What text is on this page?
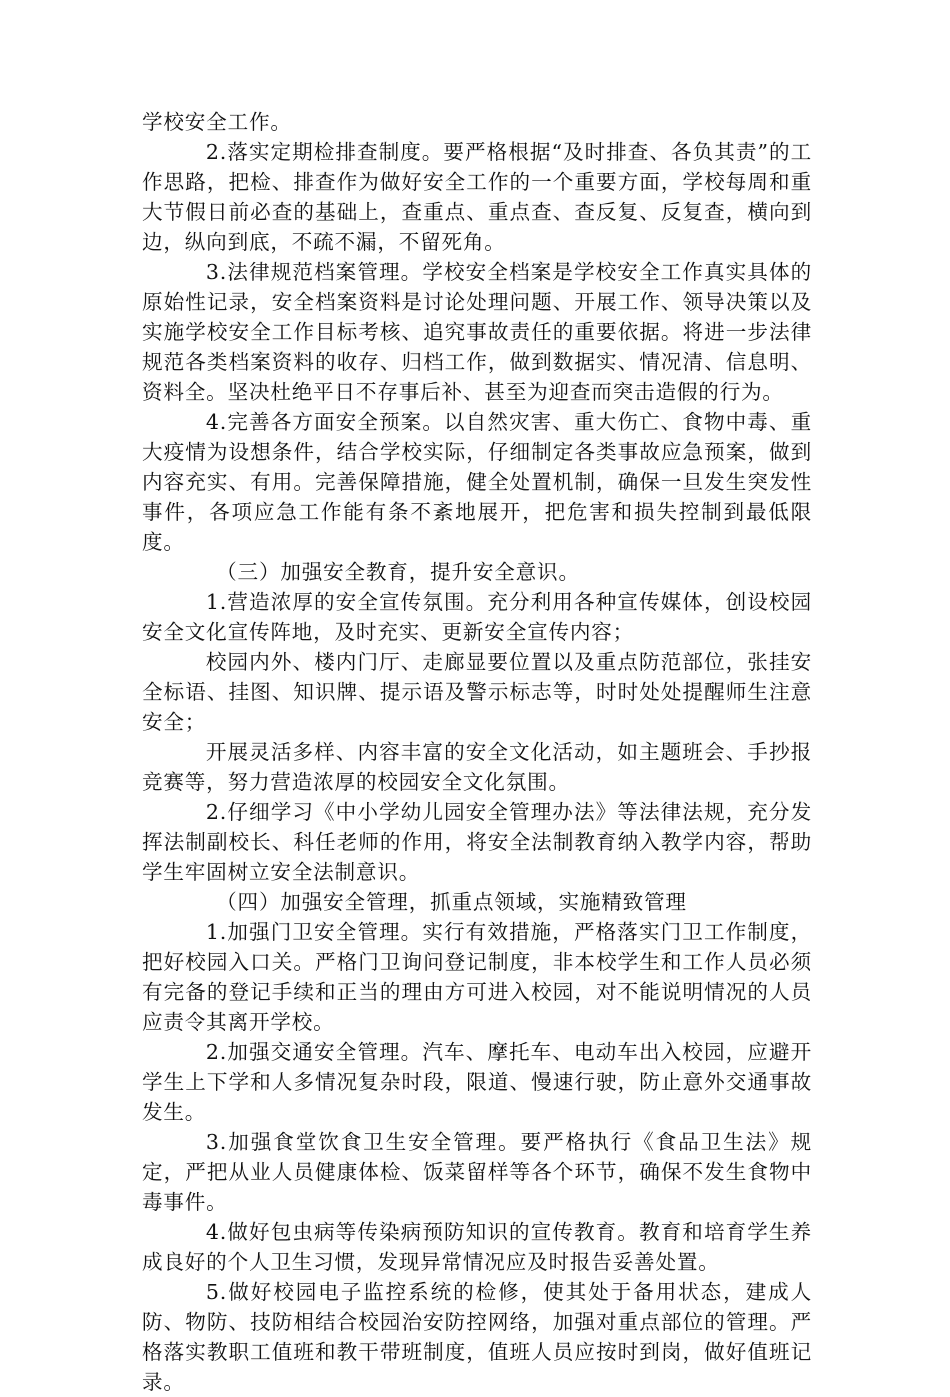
学校安全工作。

2.落实定期检排查制度。要严格根据“及时排查、各负其责”的工作思路，把检、排查作为做好安全工作的一个重要方面，学校每周和重大节假日前必查的基础上，查重点、重点查、查反复、反复查，横向到边，纵向到底，不疏不漏，不留死角。

3.法律规范档案管理。学校安全档案是学校安全工作真实具体的原始性记录，安全档案资料是讨论处理问题、开展工作、领导决策以及实施学校安全工作目标考核、追究事故责任的重要依据。将进一步法律规范各类档案资料的收存、归档工作，做到数据实、情况清、信息明、资料全。坚决杜绝平日不存事后补、甚至为迎查而突击造假的行为。

4.完善各方面安全预案。以自然灾害、重大伤亡、食物中毒、重大疫情为设想条件，结合学校实际，仔细制定各类事故应急预案，做到内容充实、有用。完善保障措施，健全处置机制，确保一旦发生突发性事件，各项应急工作能有条不紊地展开，把危害和损失控制到最低限度。

（三）加强安全教育，提升安全意识。

1.营造浓厚的安全宣传氛围。充分利用各种宣传媒体，创设校园安全文化宣传阵地，及时充实、更新安全宣传内容；

校园内外、楼内门厅、走廊显要位置以及重点防范部位，张挂安全标语、挂图、知识牌、提示语及警示标志等，时时处处提醒师生注意安全；

开展灵活多样、内容丰富的安全文化活动，如主题班会、手抄报竞赛等，努力营造浓厚的校园安全文化氛围。

2.仔细学习《中小学幼儿园安全管理办法》等法律法规，充分发挥法制副校长、科任老师的作用，将安全法制教育纳入教学内容，帮助学生牢固树立安全法制意识。

（四）加强安全管理，抓重点领域，实施精致管理

1.加强门卫安全管理。实行有效措施，严格落实门卫工作制度，把好校园入口关。严格门卫询问登记制度，非本校学生和工作人员必须有完备的登记手续和正当的理由方可进入校园，对不能说明情况的人员应责令其离开学校。

2.加强交通安全管理。汽车、摩托车、电动车出入校园，应避开学生上下学和人多情况复杂时段，限道、慢速行驶，防止意外交通事故发生。

3.加强食堂饮食卫生安全管理。要严格执行《食品卫生法》规定，严把从业人员健康体检、饭菜留样等各个环节，确保不发生食物中毒事件。

4.做好包虫病等传染病预防知识的宣传教育。教育和培育学生养成良好的个人卫生习惯，发现异常情况应及时报告妥善处置。

5.做好校园电子监控系统的检修，使其处于备用状态，建成人防、物防、技防相结合校园治安防控网络，加强对重点部位的管理。严格落实教职工值班和教干带班制度，值班人员应按时到岗，做好值班记录。
